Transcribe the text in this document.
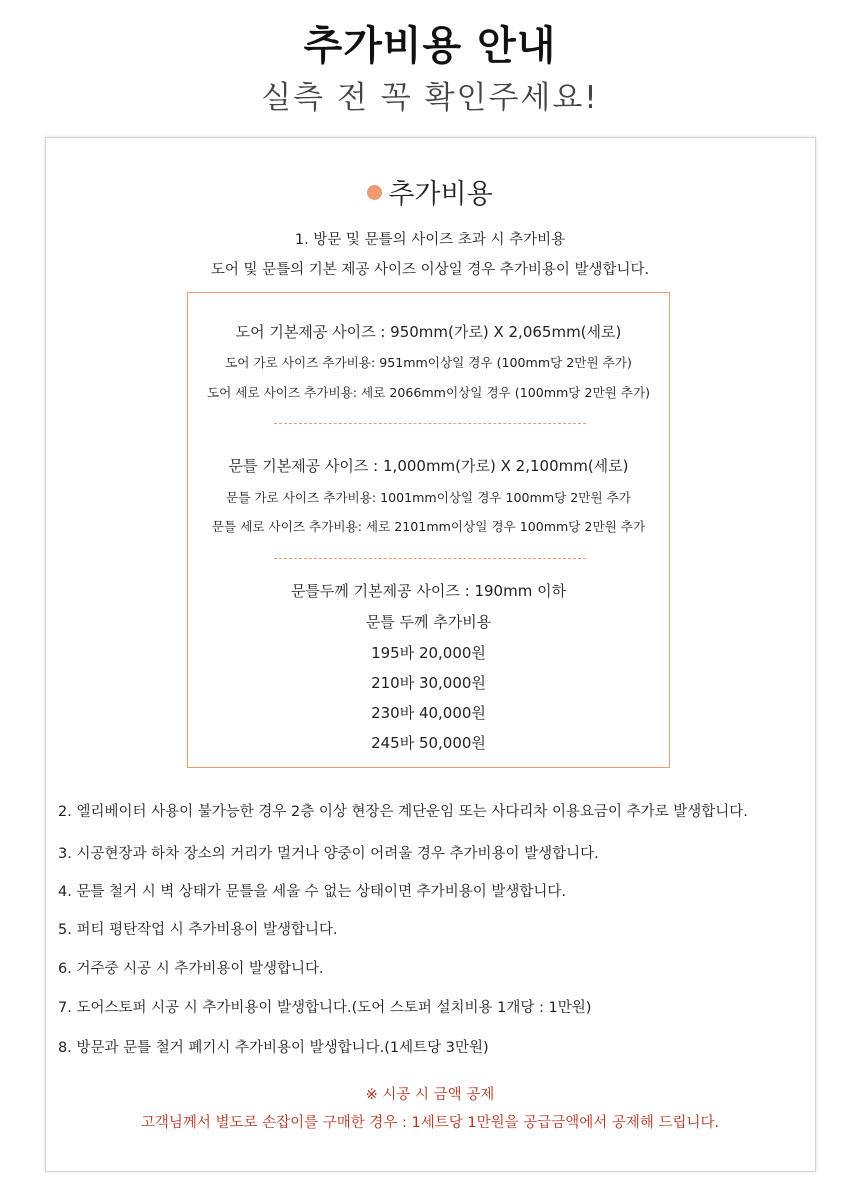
추가비용 안내
실측 전 꼭 확인주세요!
추가비용
1. 방문 및 문틀의 사이즈 초과 시 추가비용
도어 및 문틀의 기본 제공 사이즈 이상일 경우 추가비용이 발생합니다.
도어 기본제공 사이즈 : 950mm(가로) X 2,065mm(세로)
도어 가로 사이즈 추가비용: 951mm이상일 경우 (100mm당 2만원 추가)
도어 세로 사이즈 추가비용: 세로 2066mm이상일 경우 (100mm당 2만원 추가)
문틀 기본제공 사이즈 : 1,000mm(가로) X 2,100mm(세로)
문틀 가로 사이즈 추가비용: 1001mm이상일 경우 100mm당 2만원 추가
문틀 세로 사이즈 추가비용: 세로 2101mm이상일 경우 100mm당 2만원 추가
문틀두께 기본제공 사이즈 : 190mm 이하
문틀 두께 추가비용
195바 20,000원
210바 30,000원
230바 40,000원
245바 50,000원
2. 엘리베이터 사용이 불가능한 경우 2층 이상 현장은 계단운임 또는 사다리차 이용요금이 추가로 발생합니다.
3. 시공현장과 하차 장소의 거리가 멀거나 양중이 어려울 경우 추가비용이 발생합니다.
4. 문틀 철거 시 벽 상태가 문틀을 세울 수 없는 상태이면 추가비용이 발생합니다.
5. 퍼티 평탄작업 시 추가비용이 발생합니다.
6. 거주중 시공 시 추가비용이 발생합니다.
7. 도어스토퍼 시공 시 추가비용이 발생합니다.(도어 스토퍼 설치비용 1개당 : 1만원)
8. 방문과 문틀 철거 폐기시 추가비용이 발생합니다.(1세트당 3만원)
※ 시공 시 금액 공제
고객님께서 별도로 손잡이를 구매한 경우 : 1세트당 1만원을 공급금액에서 공제해 드립니다.
